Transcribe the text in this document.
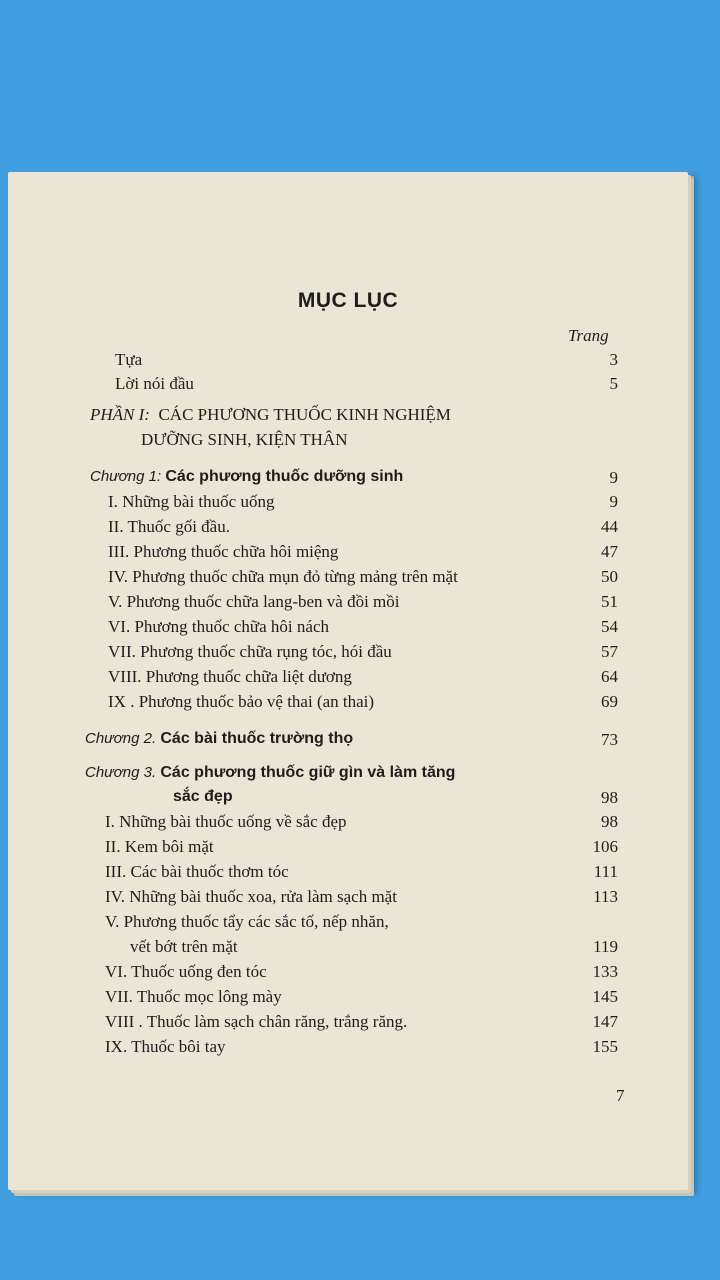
MỤC LỤC
Trang
Tựa	3
Lời nói đầu	5
PHẦN I: CÁC PHƯƠNG THUỐC KINH NGHIỆM
DƯỠNG SINH, KIỆN THÂN
Chương 1: Các phương thuốc dưỡng sinh	9
I. Những bài thuốc uống	9
II. Thuốc gối đầu.	44
III. Phương thuốc chữa hôi miệng	47
IV. Phương thuốc chữa mụn đỏ từng mảng trên mặt	50
V. Phương thuốc chữa lang-ben và đồi mồi	51
VI. Phương thuốc chữa hôi nách	54
VII. Phương thuốc chữa rụng tóc, hói đầu	57
VIII. Phương thuốc chữa liệt dương	64
IX . Phương thuốc bảo vệ thai (an thai)	69
Chương 2. Các bài thuốc trường thọ	73
Chương 3. Các phương thuốc giữ gìn và làm tăng
sắc đẹp	98
I. Những bài thuốc uống về sắc đẹp	98
II. Kem bôi mặt	106
III. Các bài thuốc thơm tóc	111
IV. Những bài thuốc xoa, rửa làm sạch mặt	113
V. Phương thuốc tẩy các sắc tố, nếp nhăn,
vết bớt trên mặt	119
VI. Thuốc uống đen tóc	133
VII. Thuốc mọc lông mày	145
VIII . Thuốc làm sạch chân răng, trắng răng.	147
IX. Thuốc bôi tay	155
7
